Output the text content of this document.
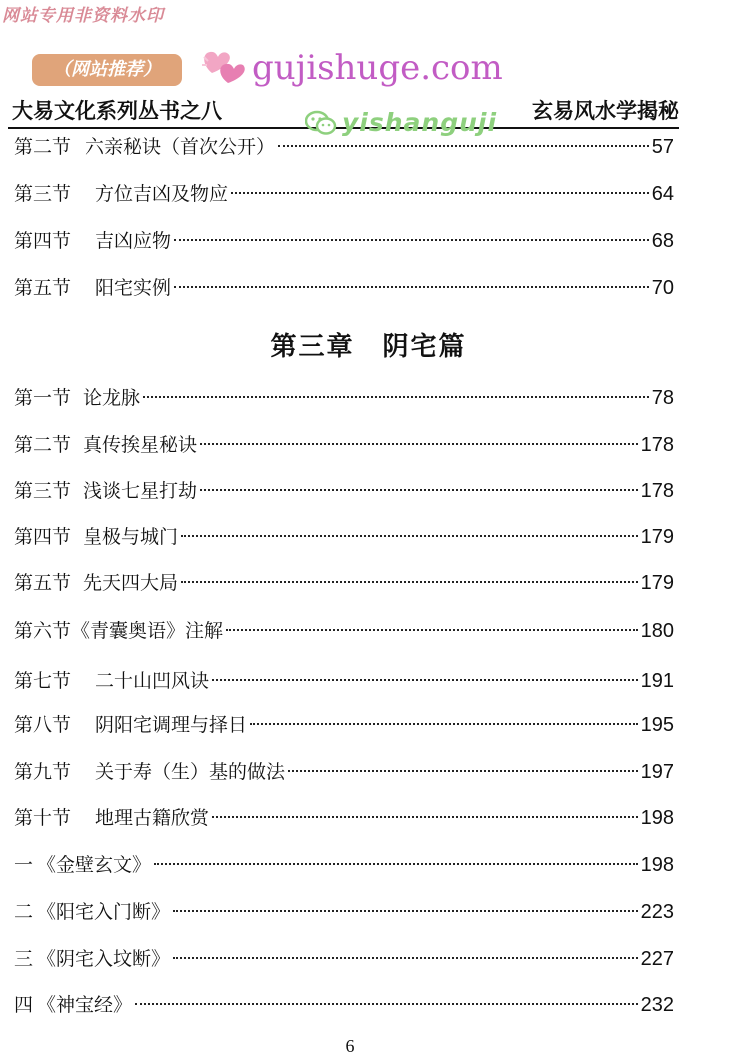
网站专用非资料水印
（网站推荐）	gujishuge.com
大易文化系列丛书之八	玄易风水学揭秘
yishanguji
第二节 六亲秘诀（首次公开）	57
第三节 方位吉凶及物应	64
第四节 吉凶应物	68
第五节 阳宅实例	70
第三章　阴宅篇
第一节 论龙脉	78
第二节 真传挨星秘诀	178
第三节 浅谈七星打劫	178
第四节 皇极与城门	179
第五节 先天四大局	179
第六节 《青囊奥语》注解	180
第七节 二十山凹风诀	191
第八节 阴阳宅调理与择日	195
第九节 关于寿（生）基的做法	197
第十节 地理古籍欣赏	198
一 《金壁玄文》	198
二 《阳宅入门断》	223
三 《阴宅入坟断》	227
四 《神宝经》	232
6
